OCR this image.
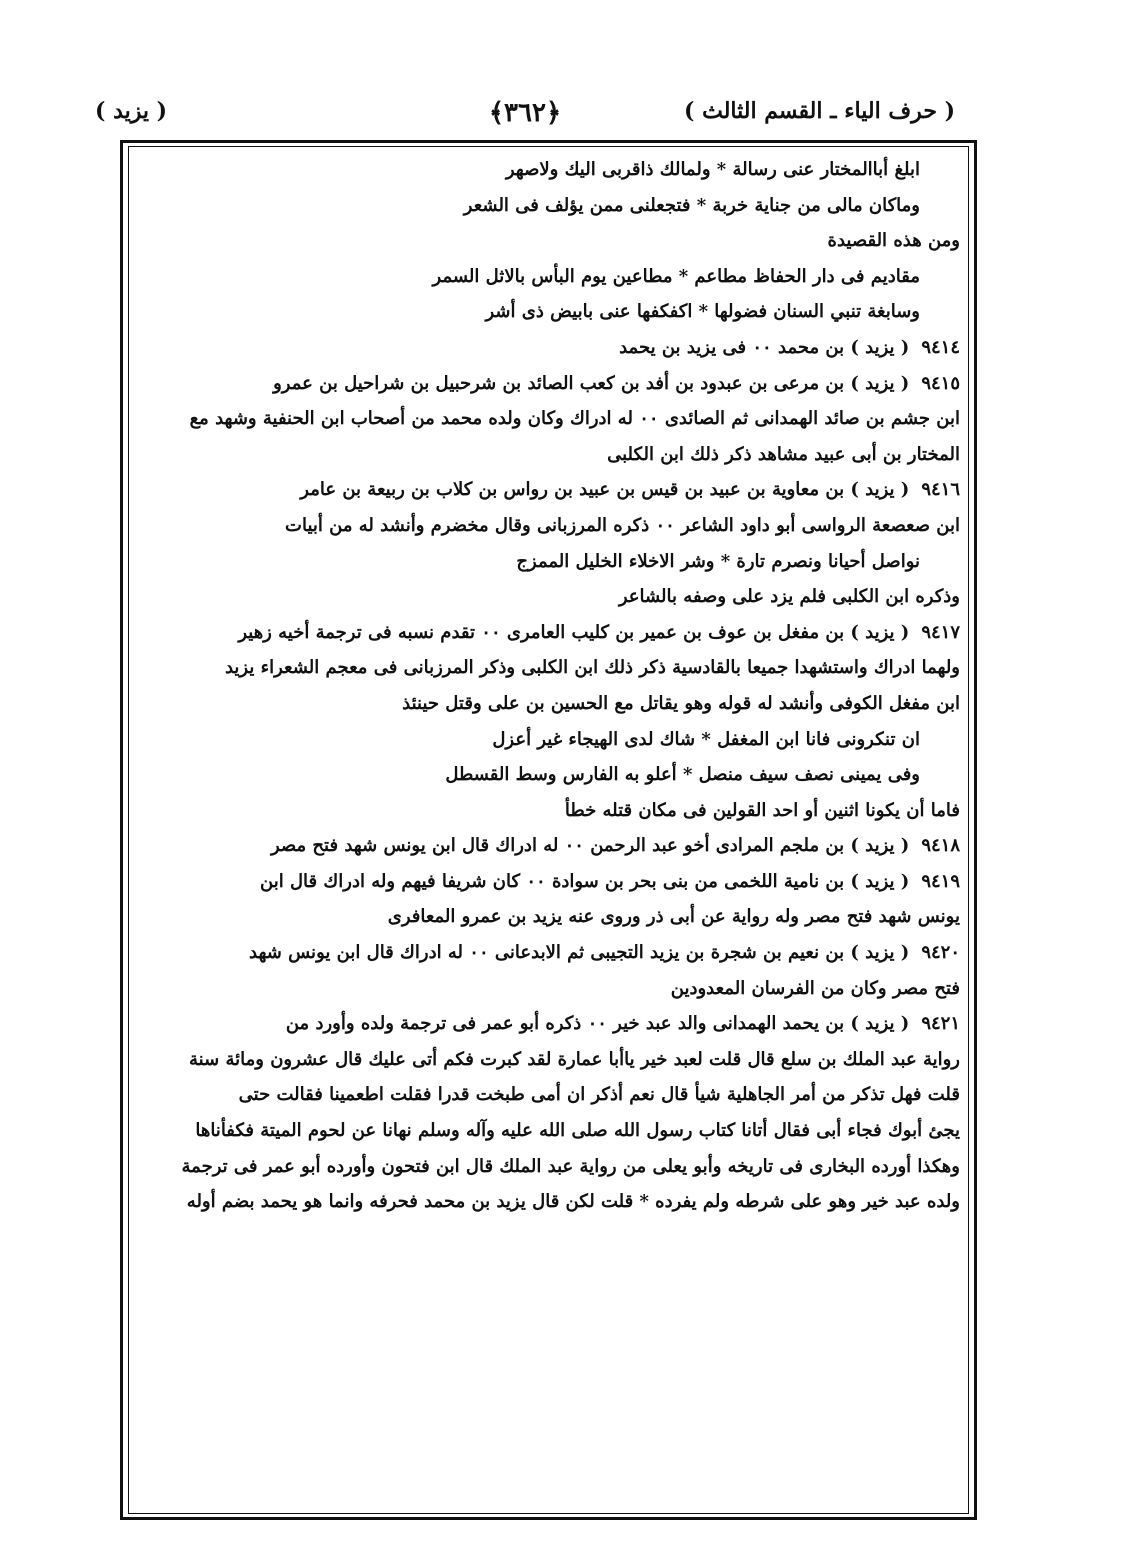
( حرف الياء ـ القسم الثالث )
﴿٣٦٢﴾
( يزيد )

ابلغ أباالمختار عنى رسالة * ولمالك ذاقربى اليك ولاصهر

وماكان مالى من جناية خربة * فتجعلنى ممن يؤلف فى الشعر

ومن هذه القصيدة

مقاديم فى دار الحفاظ مطاعم * مطاعين يوم البأس بالاثل السمر

وسابغة تنبي السنان فضولها * اكفكفها عنى بابيض ذى أشر

٩٤١٤( يزيد ) بن محمد ٠٠ فى يزيد بن يحمد

٩٤١٥( يزيد ) بن مرعى بن عبدود بن أفد بن كعب الصائد بن شرحبيل بن شراحيل بن عمرو

ابن جشم بن صائد الهمدانى ثم الصائدى ٠٠ له ادراك وكان ولده محمد من أصحاب ابن الحنفية وشهد مع

المختار بن أبى عبيد مشاهد ذكر ذلك ابن الكلبى

٩٤١٦( يزيد ) بن معاوية بن عبيد بن قيس بن عبيد بن رواس بن كلاب بن ربيعة بن عامر

ابن صعصعة الرواسى أبو داود الشاعر ٠٠ ذكره المرزبانى وقال مخضرم وأنشد له من أبيات

نواصل أحيانا ونصرم تارة * وشر الاخلاء الخليل الممزج

وذكره ابن الكلبى فلم يزد على وصفه بالشاعر

٩٤١٧( يزيد ) بن مفغل بن عوف بن عمير بن كليب العامرى ٠٠ تقدم نسبه فى ترجمة أخيه زهير

ولهما ادراك واستشهدا جميعا بالقادسية ذكر ذلك ابن الكلبى وذكر المرزبانى فى معجم الشعراء يزيد

ابن مفغل الكوفى وأنشد له قوله وهو يقاتل مع الحسين بن على وقتل حينئذ

ان تنكرونى فانا ابن المغفل * شاك لدى الهيجاء غير أعزل

وفى يمينى نصف سيف منصل * أعلو به الفارس وسط القسطل

فاما أن يكونا اثنين أو احد القولين فى مكان قتله خطأ

٩٤١٨( يزيد ) بن ملجم المرادى أخو عبد الرحمن ٠٠ له ادراك قال ابن يونس شهد فتح مصر

٩٤١٩( يزيد ) بن نامية اللخمى من بنى بحر بن سوادة ٠٠ كان شريفا فيهم وله ادراك قال ابن

يونس شهد فتح مصر وله رواية عن أبى ذر وروى عنه يزيد بن عمرو المعافرى

٩٤٢٠( يزيد ) بن نعيم بن شجرة بن يزيد التجيبى ثم الابدعانى ٠٠ له ادراك قال ابن يونس شهد

فتح مصر وكان من الفرسان المعدودين

٩٤٢١( يزيد ) بن يحمد الهمدانى والد عبد خير ٠٠ ذكره أبو عمر فى ترجمة ولده وأورد من

رواية عبد الملك بن سلع قال قلت لعبد خير ياأبا عمارة لقد كبرت فكم أتى عليك قال عشرون ومائة سنة

قلت فهل تذكر من أمر الجاهلية شيأ قال نعم أذكر ان أمى طبخت قدرا فقلت اطعمينا فقالت حتى

يجئ أبوك فجاء أبى فقال أتانا كتاب رسول الله صلى الله عليه وآله وسلم نهانا عن لحوم الميتة فكفأناها

وهكذا أورده البخارى فى تاريخه وأبو يعلى من رواية عبد الملك قال ابن فتحون وأورده أبو عمر فى ترجمة

ولده عبد خير وهو على شرطه ولم يفرده * قلت لكن قال يزيد بن محمد فحرفه وانما هو يحمد بضم أوله
